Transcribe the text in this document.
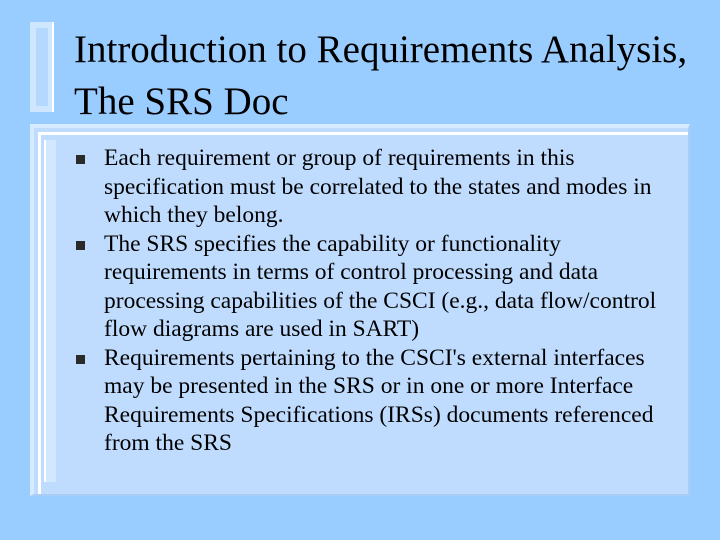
Introduction to Requirements Analysis, The SRS Doc
Each requirement or group of requirements in this specification must be correlated to the states and modes in which they belong.
The SRS specifies the capability or functionality requirements in terms of control processing and data processing capabilities of the CSCI (e.g., data flow/control flow diagrams are used in SART)
Requirements pertaining to the CSCI's external interfaces may be presented in the SRS or in one or more Interface Requirements Specifications (IRSs) documents referenced from the SRS
